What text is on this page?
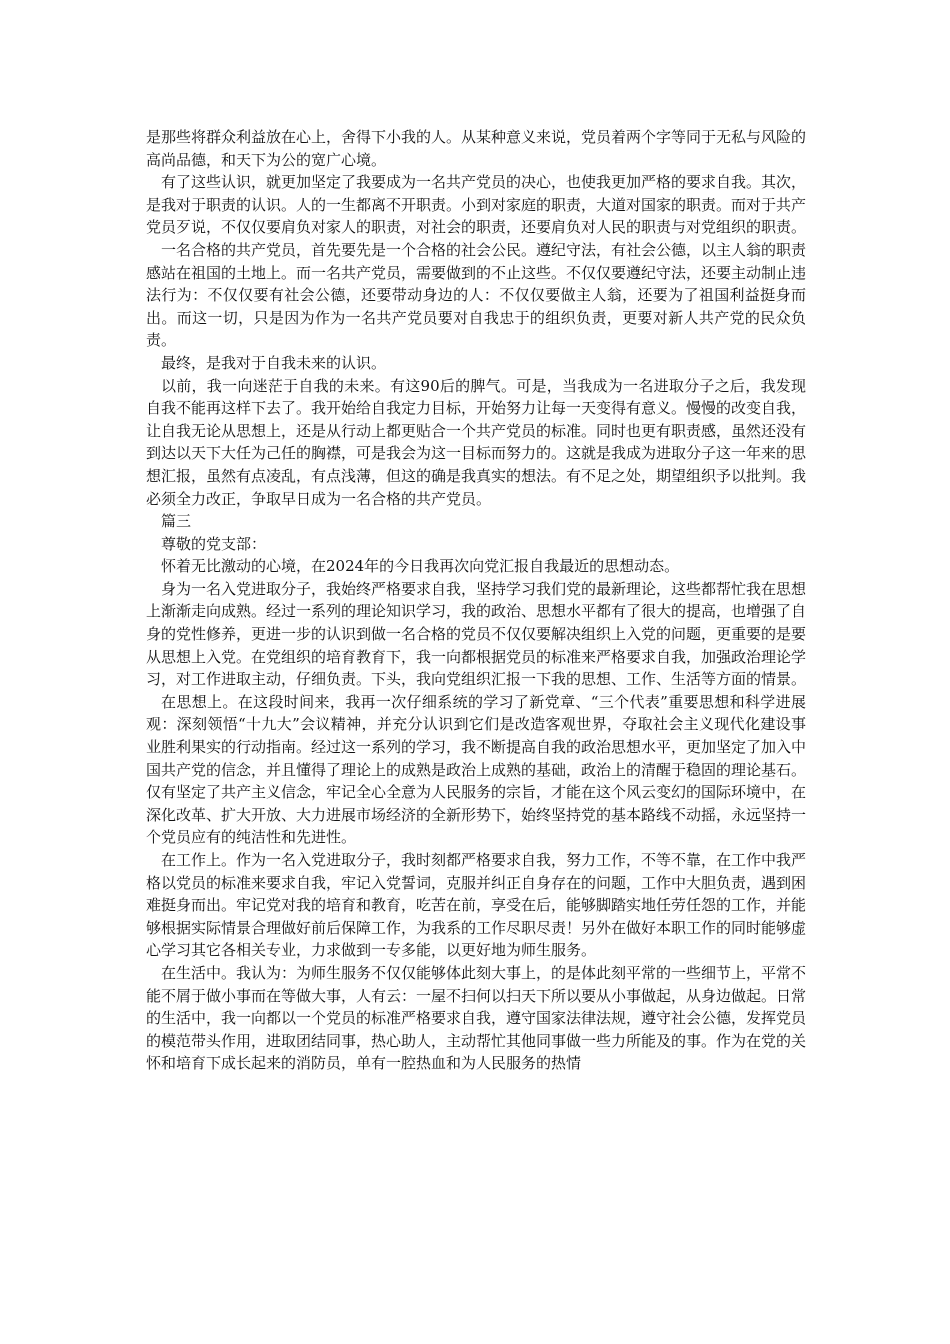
是那些将群众利益放在心上，舍得下小我的人。从某种意义来说，党员着两个字等同于无私与风险的高尚品德，和天下为公的宽广心境。

有了这些认识，就更加坚定了我要成为一名共产党员的决心，也使我更加严格的要求自我。其次，是我对于职责的认识。人的一生都离不开职责。小到对家庭的职责，大道对国家的职责。而对于共产党员歹说，不仅仅要肩负对家人的职责，对社会的职责，还要肩负对人民的职责与对党组织的职责。

一名合格的共产党员，首先要先是一个合格的社会公民。遵纪守法，有社会公德，以主人翁的职责感站在祖国的土地上。而一名共产党员，需要做到的不止这些。不仅仅要遵纪守法，还要主动制止违法行为：不仅仅要有社会公德，还要带动身边的人：不仅仅要做主人翁，还要为了祖国利益挺身而出。而这一切，只是因为作为一名共产党员要对自我忠于的组织负责，更要对新人共产党的民众负责。

最终，是我对于自我未来的认识。

以前，我一向迷茫于自我的未来。有这90后的脾气。可是，当我成为一名进取分子之后，我发现自我不能再这样下去了。我开始给自我定力目标，开始努力让每一天变得有意义。慢慢的改变自我，让自我无论从思想上，还是从行动上都更贴合一个共产党员的标准。同时也更有职责感，虽然还没有到达以天下大任为己任的胸襟，可是我会为这一目标而努力的。这就是我成为进取分子这一年来的思想汇报，虽然有点凌乱，有点浅薄，但这的确是我真实的想法。有不足之处，期望组织予以批判。我必须全力改正，争取早日成为一名合格的共产党员。

篇三

尊敬的党支部：

怀着无比激动的心境，在2024年的今日我再次向党汇报自我最近的思想动态。

身为一名入党进取分子，我始终严格要求自我，坚持学习我们党的最新理论，这些都帮忙我在思想上渐渐走向成熟。经过一系列的理论知识学习，我的政治、思想水平都有了很大的提高，也增强了自身的党性修养，更进一步的认识到做一名合格的党员不仅仅要解决组织上入党的问题，更重要的是要从思想上入党。在党组织的培育教育下，我一向都根据党员的标准来严格要求自我，加强政治理论学习，对工作进取主动，仔细负责。下头，我向党组织汇报一下我的思想、工作、生活等方面的情景。

在思想上。在这段时间来，我再一次仔细系统的学习了新党章、“三个代表”重要思想和科学进展观：深刻领悟“十九大”会议精神，并充分认识到它们是改造客观世界，夺取社会主义现代化建设事业胜利果实的行动指南。经过这一系列的学习，我不断提高自我的政治思想水平，更加坚定了加入中国共产党的信念，并且懂得了理论上的成熟是政治上成熟的基础，政治上的清醒于稳固的理论基石。仅有坚定了共产主义信念，牢记全心全意为人民服务的宗旨，才能在这个风云变幻的国际环境中，在深化改革、扩大开放、大力进展市场经济的全新形势下，始终坚持党的基本路线不动摇，永远坚持一个党员应有的纯洁性和先进性。

在工作上。作为一名入党进取分子，我时刻都严格要求自我，努力工作，不等不靠，在工作中我严格以党员的标准来要求自我，牢记入党誓词，克服并纠正自身存在的问题，工作中大胆负责，遇到困难挺身而出。牢记党对我的培育和教育，吃苦在前，享受在后，能够脚踏实地任劳任怨的工作，并能够根据实际情景合理做好前后保障工作，为我系的工作尽职尽责！另外在做好本职工作的同时能够虚心学习其它各相关专业，力求做到一专多能，以更好地为师生服务。

在生活中。我认为：为师生服务不仅仅能够体此刻大事上，的是体此刻平常的一些细节上，平常不能不屑于做小事而在等做大事，人有云：一屋不扫何以扫天下所以要从小事做起，从身边做起。日常的生活中，我一向都以一个党员的标准严格要求自我，遵守国家法律法规，遵守社会公德，发挥党员的模范带头作用，进取团结同事，热心助人，主动帮忙其他同事做一些力所能及的事。作为在党的关怀和培育下成长起来的消防员，单有一腔热血和为人民服务的热情
